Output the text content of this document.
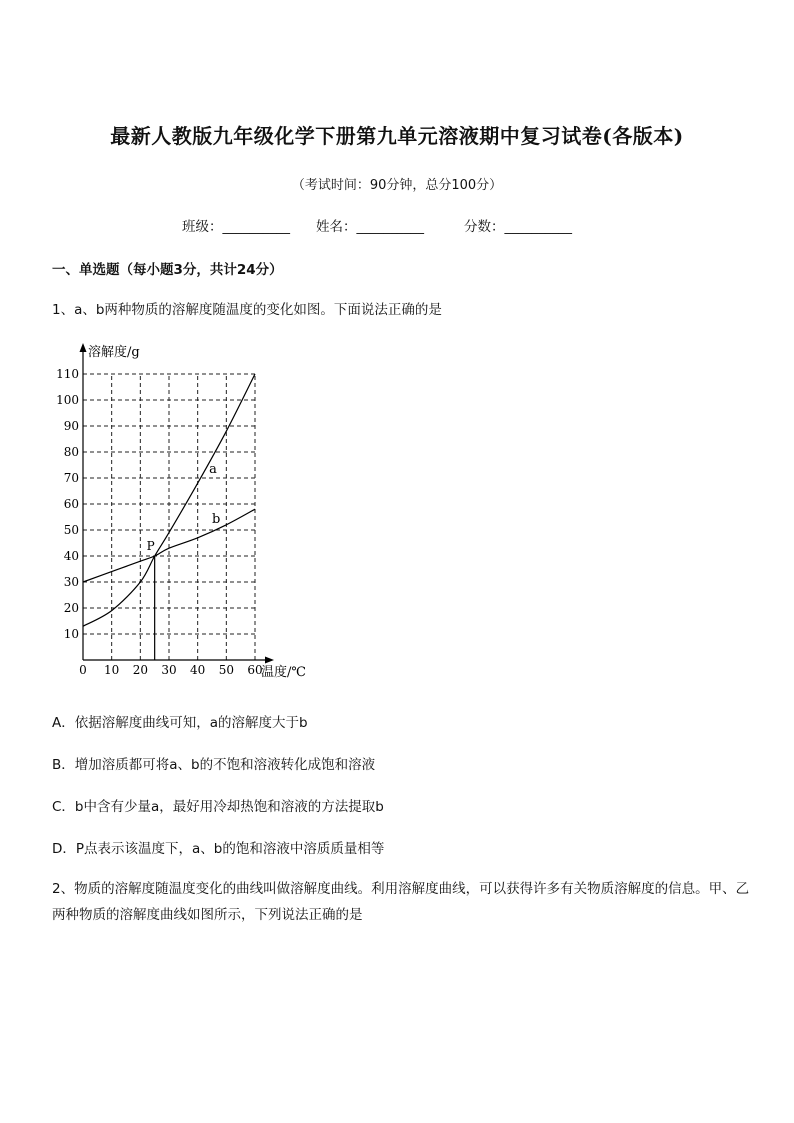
最新人教版九年级化学下册第九单元溶液期中复习试卷(各版本)
（考试时间：90分钟，总分100分）
班级：__________ 姓名：__________	分数：__________
一、单选题（每小题3分，共计24分）
1、a、b两种物质的溶解度随温度的变化如图。下面说法正确的是
10
20
30
40
50
60
70
80
90
100
110
0 10 20 30 40 50 60
溶解度/g
温度/℃
a
b
P
A．依据溶解度曲线可知，a的溶解度大于b
B．增加溶质都可将a、b的不饱和溶液转化成饱和溶液
C．b中含有少量a，最好用冷却热饱和溶液的方法提取b
D．P点表示该温度下，a、b的饱和溶液中溶质质量相等
2、物质的溶解度随温度变化的曲线叫做溶解度曲线。利用溶解度曲线，可以获得许多有关物质溶解度的信息。甲、乙两种物质的溶解度曲线如图所示，下列说法正确的是
